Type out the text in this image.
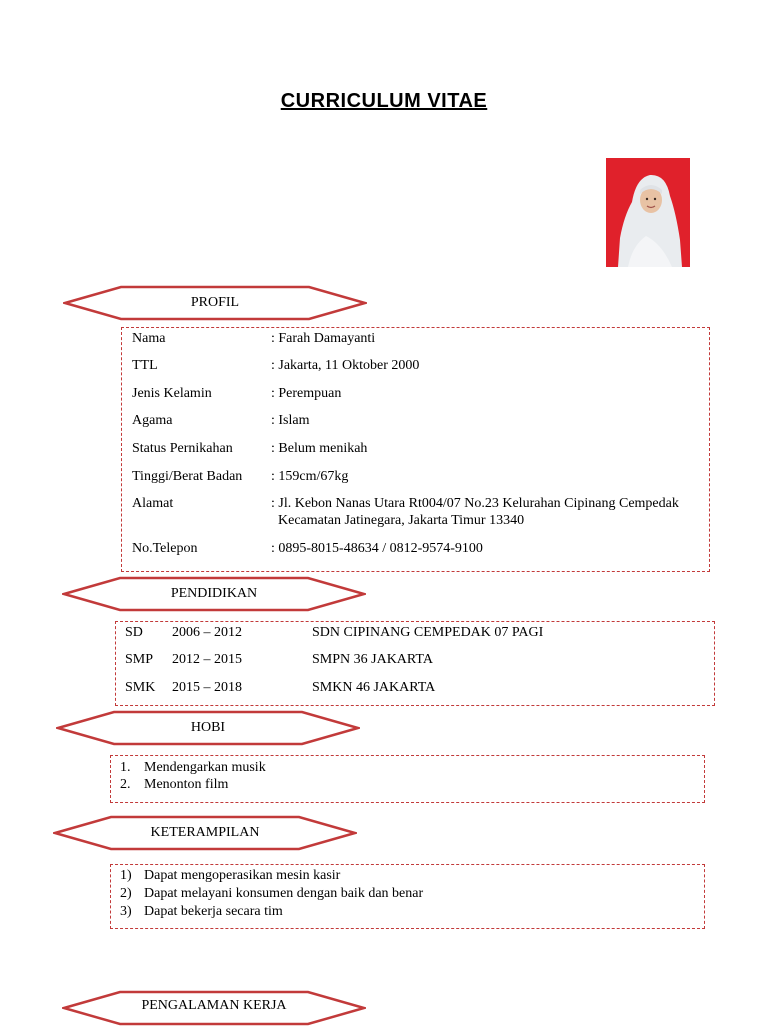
CURRICULUM VITAE
PROFIL
Nama	: Farah Damayanti
TTL	: Jakarta, 11 Oktober 2000
Jenis Kelamin	: Perempuan
Agama	: Islam
Status Pernikahan	: Belum menikah
Tinggi/Berat Badan : 159cm/67kg
Alamat	: Jl. Kebon Nanas Utara Rt004/07 No.23 Kelurahan Cipinang Cempedak
Kecamatan Jatinegara, Jakarta Timur 13340
No.Telepon	: 0895-8015-48634 / 0812-9574-9100
PENDIDIKAN
SD 2006 – 2012	SDN CIPINANG CEMPEDAK 07 PAGI
SMP 2012 – 2015	SMPN 36 JAKARTA
SMK 2015 – 2018	SMKN 46 JAKARTA
HOBI
1. Mendengarkan musik
2. Menonton film
KETERAMPILAN
1) Dapat mengoperasikan mesin kasir
2) Dapat melayani konsumen dengan baik dan benar
3) Dapat bekerja secara tim
PENGALAMAN KERJA
